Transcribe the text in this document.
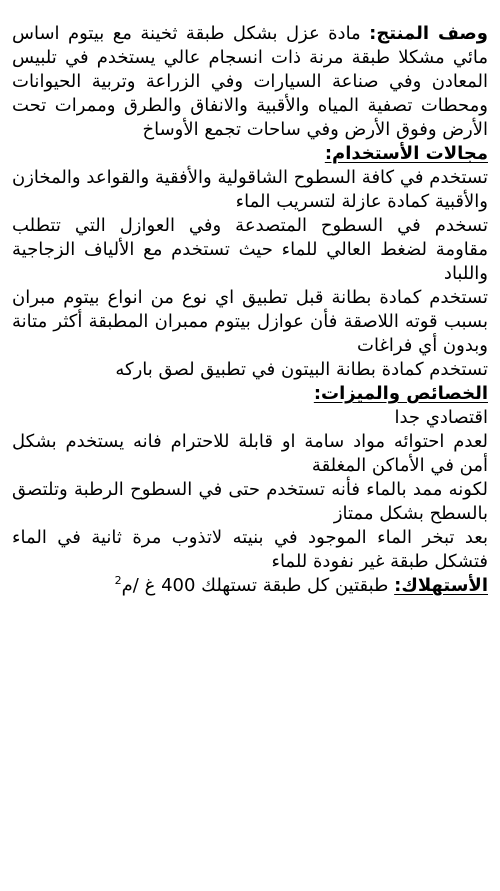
وصف المنتج: مادة عزل بشكل طبقة ثخينة مع بيتوم اساس مائي مشكلا طبقة مرنة ذات انسجام عالي يستخدم في تلبيس المعادن وفي صناعة السيارات وفي الزراعة وتربية الحيوانات ومحطات تصفية المياه والأقبية والانفاق والطرق وممرات تحت الأرض وفوق الأرض وفي ساحات تجمع الأوساخ

مجالات الأستخدام:

تستخدم في كافة السطوح الشاقولية والأفقية والقواعد والمخازن والأقبية كمادة عازلة لتسريب الماء

تسخدم في السطوح المتصدعة وفي العوازل التي تتطلب مقاومة لضغط العالي للماء حيث تستخدم مع الألياف الزجاجية واللباد

تستخدم كمادة بطانة قبل تطبيق اي نوع من انواع بيتوم مبران بسبب قوته اللاصقة فأن عوازل بيتوم ممبران المطبقة أكثر متانة وبدون أي فراغات

تستخدم كمادة بطانة البيتون في تطبيق لصق باركه

الخصائص والميزات:

اقتصادي جدا

لعدم احتوائه مواد سامة او قابلة للاحترام فانه يستخدم بشكل أمن في الأماكن المغلقة

لكونه ممد بالماء فأنه تستخدم حتى في السطوح الرطبة وتلتصق بالسطح بشكل ممتاز

بعد تبخر الماء الموجود في بنيته لاتذوب مرة ثانية في الماء فتشكل طبقة غير نفودة للماء

الأستهلاك: طبقتين كل طبقة تستهلك 400 غ /م$^2$
